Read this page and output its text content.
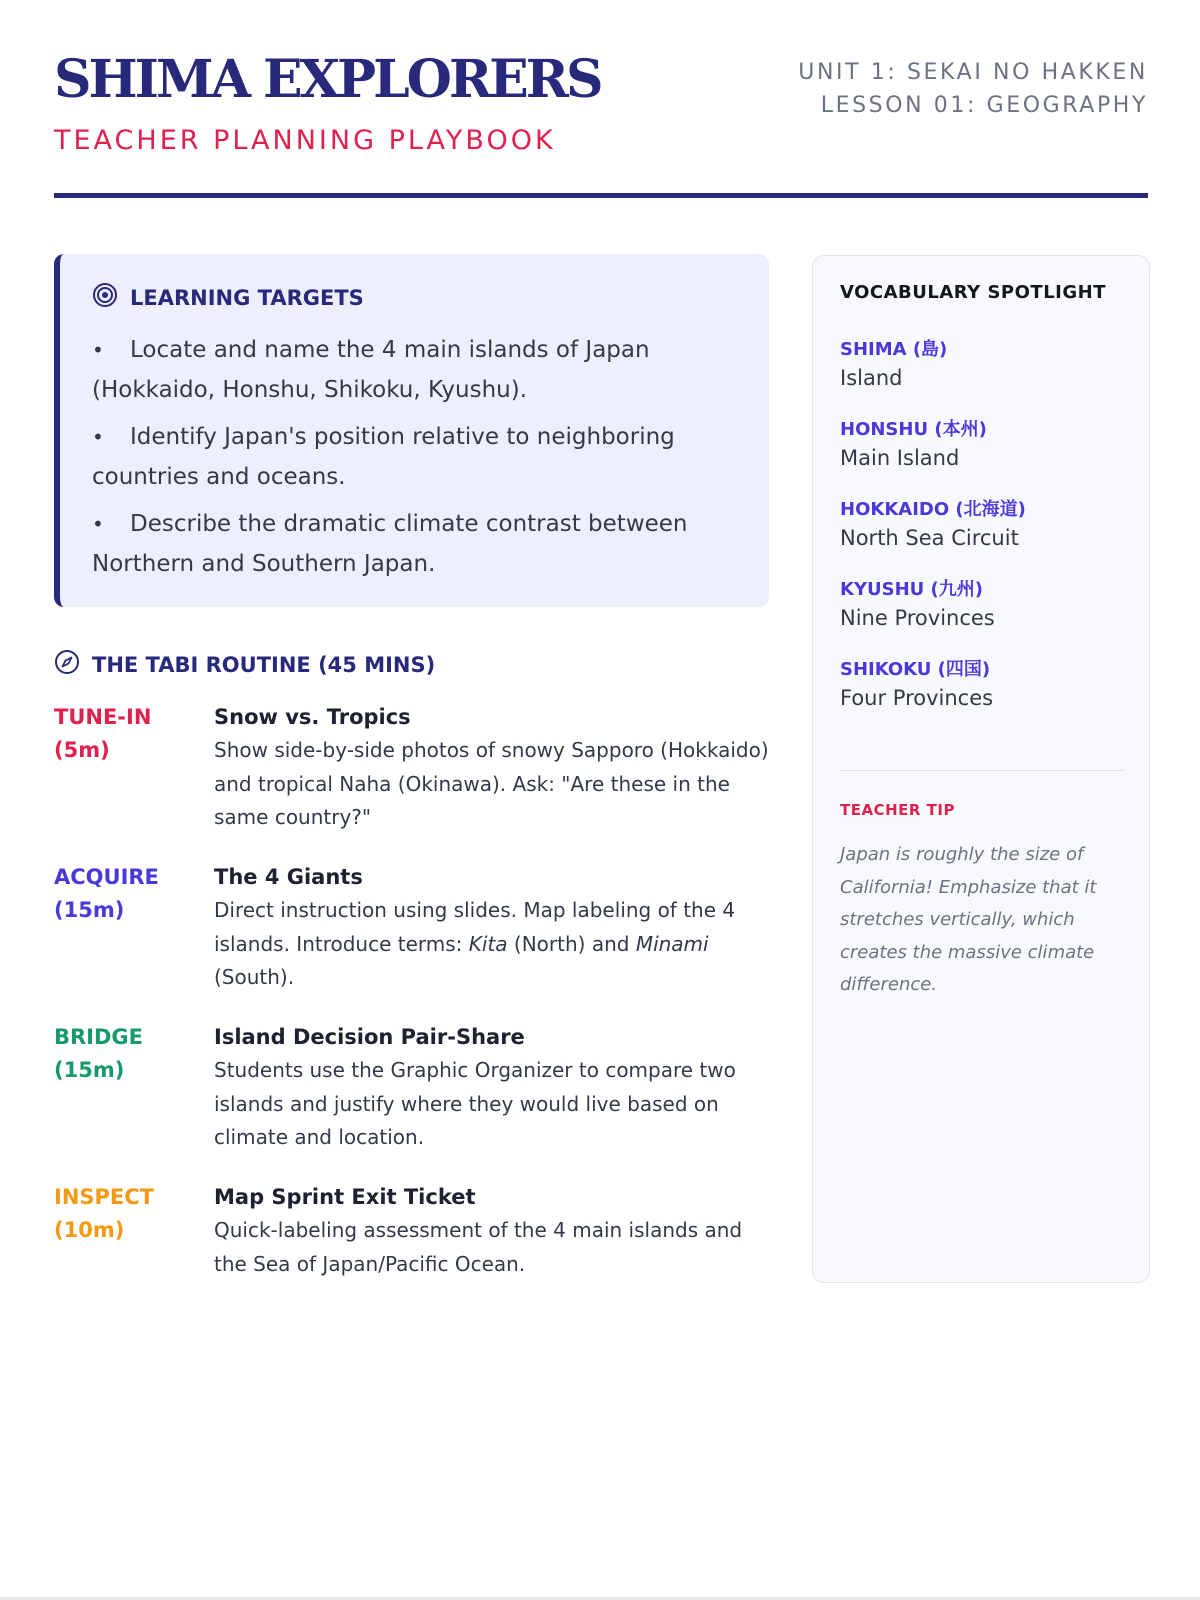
SHIMA EXPLORERS
TEACHER PLANNING PLAYBOOK
UNIT 1: SEKAI NO HAKKEN
LESSON 01: GEOGRAPHY
LEARNING TARGETS
• Locate and name the 4 main islands of Japan (Hokkaido, Honshu, Shikoku, Kyushu).
• Identify Japan's position relative to neighboring countries and oceans.
• Describe the dramatic climate contrast between Northern and Southern Japan.
THE TABI ROUTINE (45 MINS)
TUNE-IN
(5m)
Snow vs. Tropics
Show side-by-side photos of snowy Sapporo (Hokkaido) and tropical Naha (Okinawa). Ask: "Are these in the same country?"
ACQUIRE
(15m)
The 4 Giants
Direct instruction using slides. Map labeling of the 4 islands. Introduce terms: Kita (North) and Minami (South).
BRIDGE
(15m)
Island Decision Pair-Share
Students use the Graphic Organizer to compare two islands and justify where they would live based on climate and location.
INSPECT
(10m)
Map Sprint Exit Ticket
Quick-labeling assessment of the 4 main islands and the Sea of Japan/Pacific Ocean.
VOCABULARY SPOTLIGHT
SHIMA (島)
Island
HONSHU (本州)
Main Island
HOKKAIDO (北海道)
North Sea Circuit
KYUSHU (九州)
Nine Provinces
SHIKOKU (四国)
Four Provinces
TEACHER TIP
Japan is roughly the size of California! Emphasize that it stretches vertically, which creates the massive climate difference.
